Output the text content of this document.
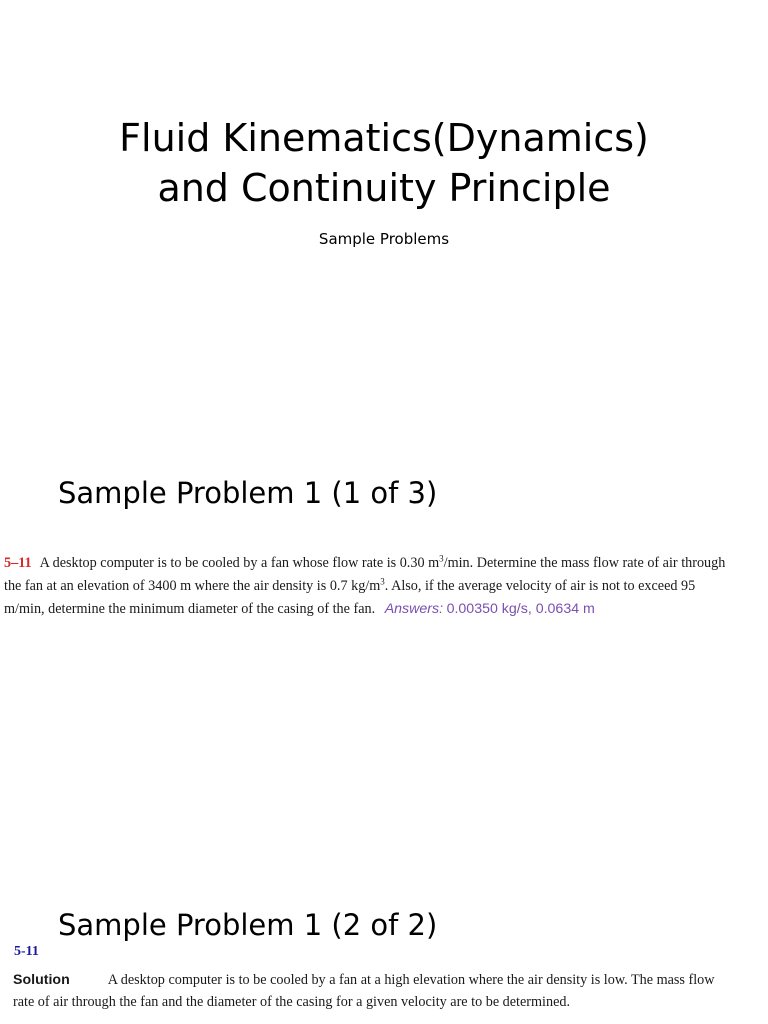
Fluid Kinematics(Dynamics)
and Continuity Principle
Sample Problems
Sample Problem 1 (1 of 3)
5–11 A desktop computer is to be cooled by a fan whose flow rate is 0.30 $m^3/\min$. Determine the mass flow rate of air through
the fan at an elevation of 3400 m where the air density is 0.7 $kg/m^3$. Also, if the average velocity of air is not to exceed 95
m/min, determine the minimum diameter of the casing of the fan. Answers: 0.00350 kg/s, 0.0634 m
Sample Problem 1 (2 of 2)
5-11
Solution	A desktop computer is to be cooled by a fan at a high elevation where the air density is low. The mass flow
rate of air through the fan and the diameter of the casing for a given velocity are to be determined.
